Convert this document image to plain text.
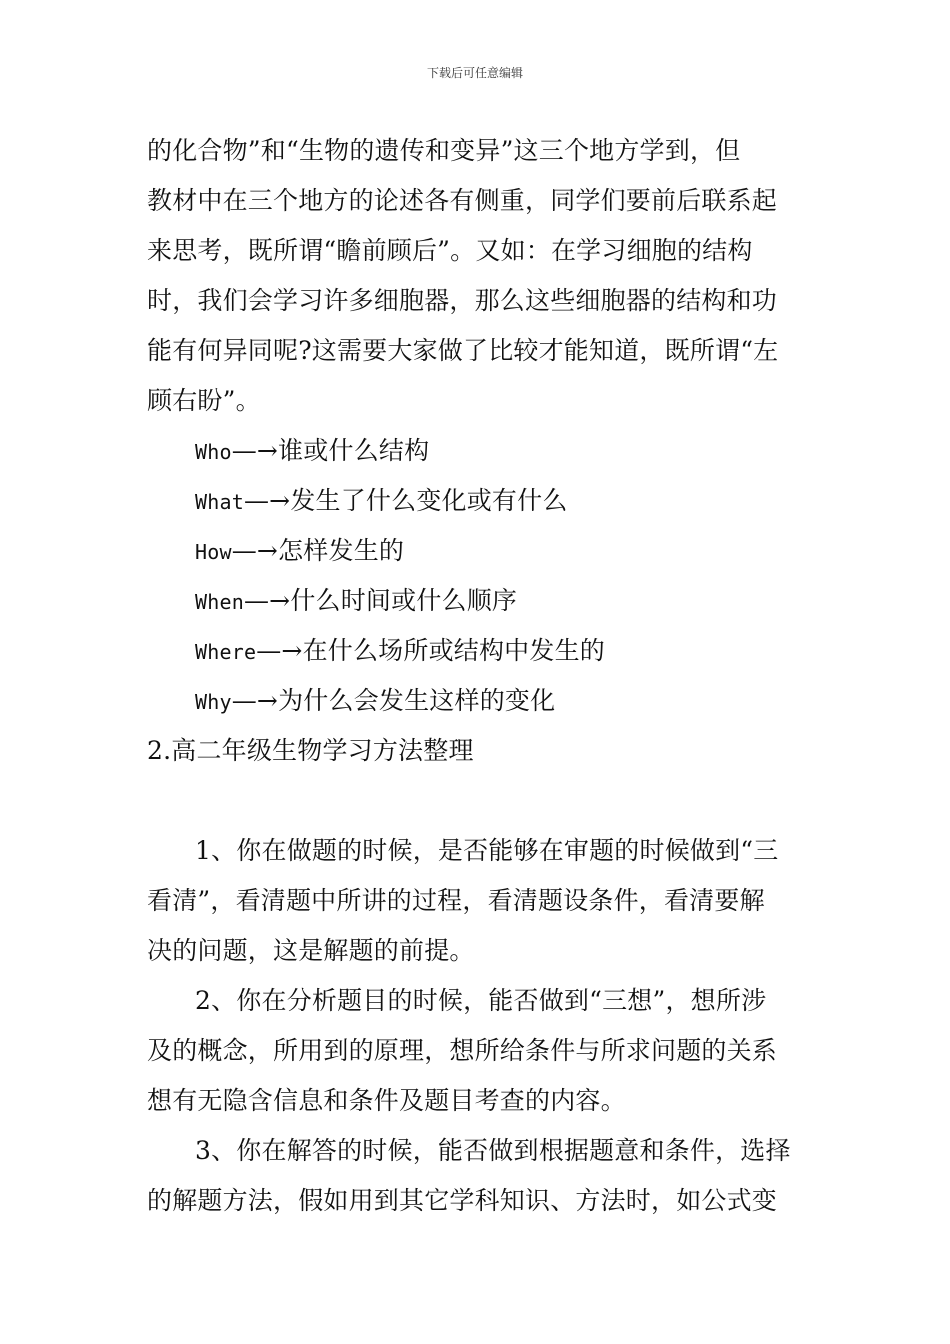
下载后可任意编辑
的化合物”和“生物的遗传和变异”这三个地方学到，但
教材中在三个地方的论述各有侧重，同学们要前后联系起
来思考，既所谓“瞻前顾后”。又如：在学习细胞的结构
时，我们会学习许多细胞器，那么这些细胞器的结构和功
能有何异同呢?这需要大家做了比较才能知道，既所谓“左
顾右盼”。
Who—→谁或什么结构
What—→发生了什么变化或有什么
How—→怎样发生的
When—→什么时间或什么顺序
Where—→在什么场所或结构中发生的
Why—→为什么会发生这样的变化
2.高二年级生物学习方法整理
1、你在做题的时候，是否能够在审题的时候做到“三
看清”，看清题中所讲的过程，看清题设条件，看清要解
决的问题，这是解题的前提。
2、你在分析题目的时候，能否做到“三想”，想所涉
及的概念，所用到的原理，想所给条件与所求问题的关系
想有无隐含信息和条件及题目考查的内容。
3、你在解答的时候，能否做到根据题意和条件，选择
的解题方法，假如用到其它学科知识、方法时，如公式变
